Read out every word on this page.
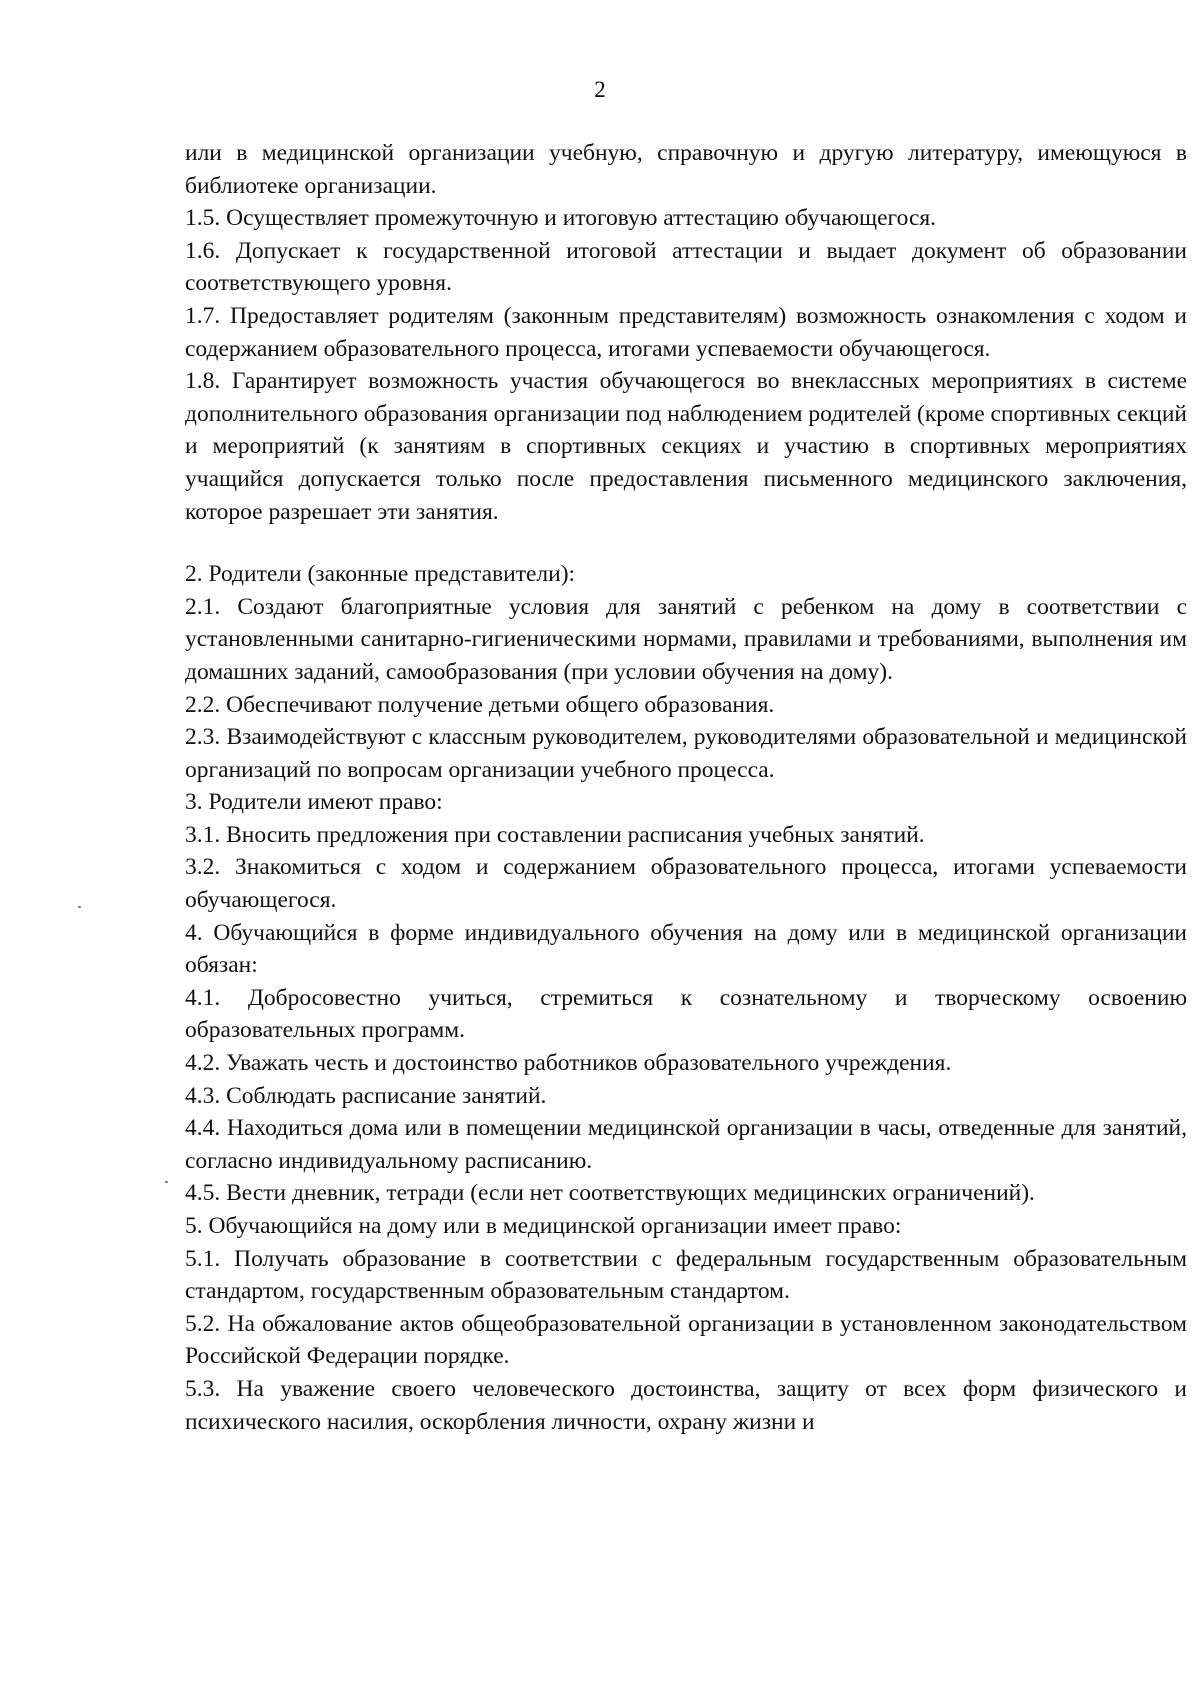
2

или в медицинской организации учебную, справочную и другую литературу, имеющуюся в библиотеке организации.

1.5. Осуществляет промежуточную и итоговую аттестацию обучающегося.

1.6. Допускает к государственной итоговой аттестации и выдает документ об образовании соответствующего уровня.

1.7. Предоставляет родителям (законным представителям) возможность ознакомления с ходом и содержанием образовательного процесса, итогами успеваемости обучающегося.

1.8. Гарантирует возможность участия обучающегося во внеклассных мероприятиях в системе дополнительного образования организации под наблюдением родителей (кроме спортивных секций и мероприятий (к занятиям в спортивных секциях и участию в спортивных мероприятиях учащийся допускается только после предоставления письменного медицинского заключения, которое разрешает эти занятия.

2. Родители (законные представители):

2.1. Создают благоприятные условия для занятий с ребенком на дому в соответствии с установленными санитарно-гигиеническими нормами, правилами и требованиями, выполнения им домашних заданий, самообразования (при условии обучения на дому).

2.2. Обеспечивают получение детьми общего образования.

2.3. Взаимодействуют с классным руководителем, руководителями образовательной и медицинской организаций по вопросам организации учебного процесса.

3. Родители имеют право:

3.1. Вносить предложения при составлении расписания учебных занятий.

3.2. Знакомиться с ходом и содержанием образовательного процесса, итогами успеваемости обучающегося.

4. Обучающийся в форме индивидуального обучения на дому или в медицинской организации обязан:

4.1. Добросовестно учиться, стремиться к сознательному и творческому освоению образовательных программ.

4.2. Уважать честь и достоинство работников образовательного учреждения.

4.3. Соблюдать расписание занятий.

4.4. Находиться дома или в помещении медицинской организации в часы, отведенные для занятий, согласно индивидуальному расписанию.

4.5. Вести дневник, тетради (если нет соответствующих медицинских ограничений).

5. Обучающийся на дому или в медицинской организации имеет право:

5.1. Получать образование в соответствии с федеральным государственным образовательным стандартом, государственным образовательным стандартом.

5.2. На обжалование актов общеобразовательной организации в установленном законодательством Российской Федерации порядке.

5.3. На уважение своего человеческого достоинства, защиту от всех форм физического и психического насилия, оскорбления личности, охрану жизни и
